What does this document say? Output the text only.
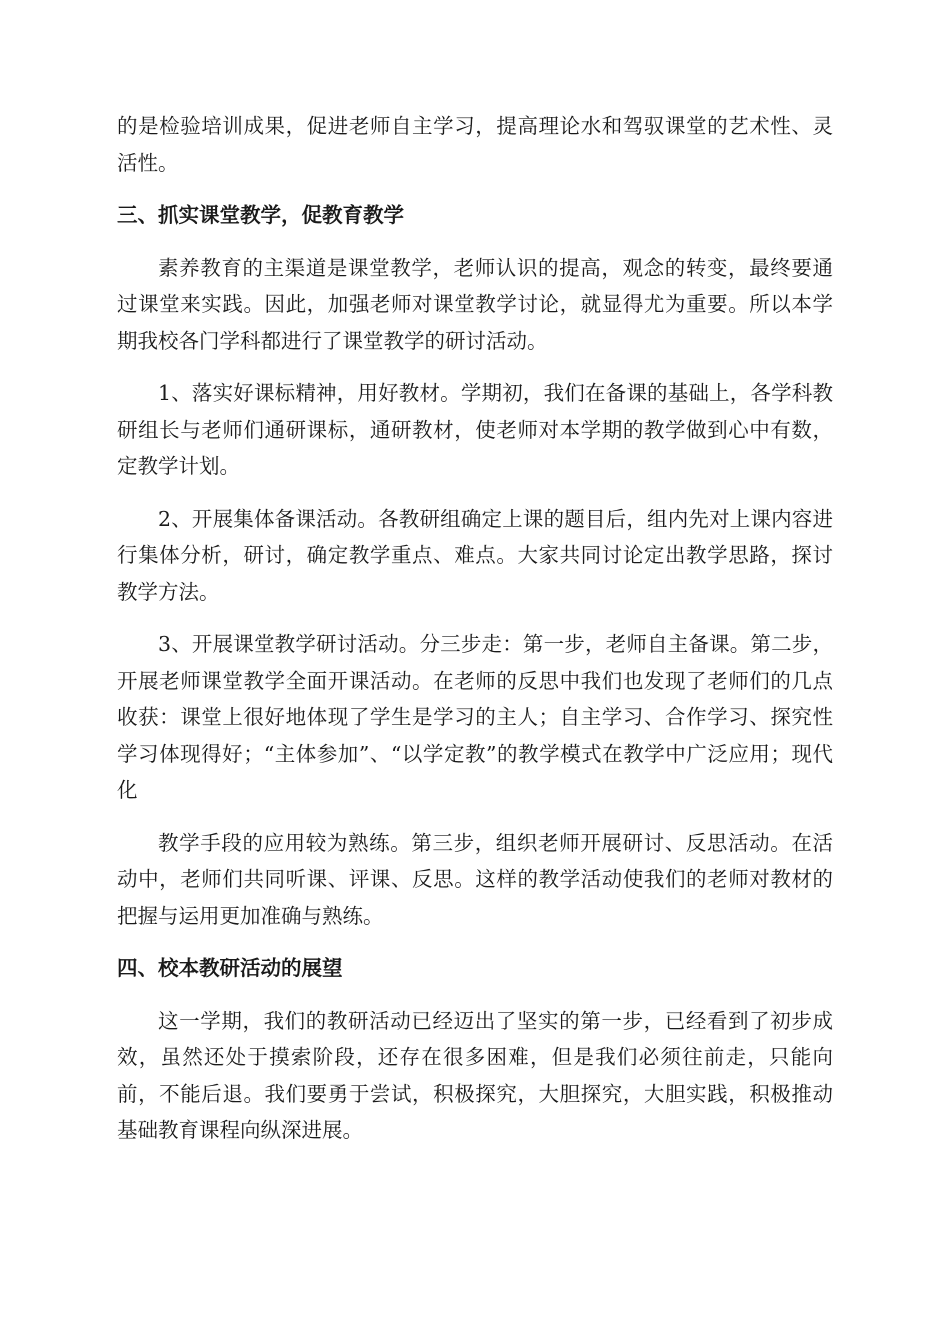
的是检验培训成果，促进老师自主学习，提高理论水和驾驭课堂的艺术性、灵活性。

三、抓实课堂教学，促教育教学

素养教育的主渠道是课堂教学，老师认识的提高，观念的转变，最终要通过课堂来实践。因此，加强老师对课堂教学讨论，就显得尤为重要。所以本学期我校各门学科都进行了课堂教学的研讨活动。

1、落实好课标精神，用好教材。学期初，我们在备课的基础上，各学科教研组长与老师们通研课标，通研教材，使老师对本学期的教学做到心中有数，定教学计划。

2、开展集体备课活动。各教研组确定上课的题目后，组内先对上课内容进行集体分析，研讨，确定教学重点、难点。大家共同讨论定出教学思路，探讨教学方法。

3、开展课堂教学研讨活动。分三步走：第一步，老师自主备课。第二步，开展老师课堂教学全面开课活动。在老师的反思中我们也发现了老师们的几点收获：课堂上很好地体现了学生是学习的主人；自主学习、合作学习、探究性学习体现得好；“主体参加”、“以学定教”的教学模式在教学中广泛应用；现代化

教学手段的应用较为熟练。第三步，组织老师开展研讨、反思活动。在活动中，老师们共同听课、评课、反思。这样的教学活动使我们的老师对教材的把握与运用更加准确与熟练。

四、校本教研活动的展望

这一学期，我们的教研活动已经迈出了坚实的第一步，已经看到了初步成效，虽然还处于摸索阶段，还存在很多困难，但是我们必须往前走，只能向前，不能后退。我们要勇于尝试，积极探究，大胆探究，大胆实践，积极推动基础教育课程向纵深进展。
